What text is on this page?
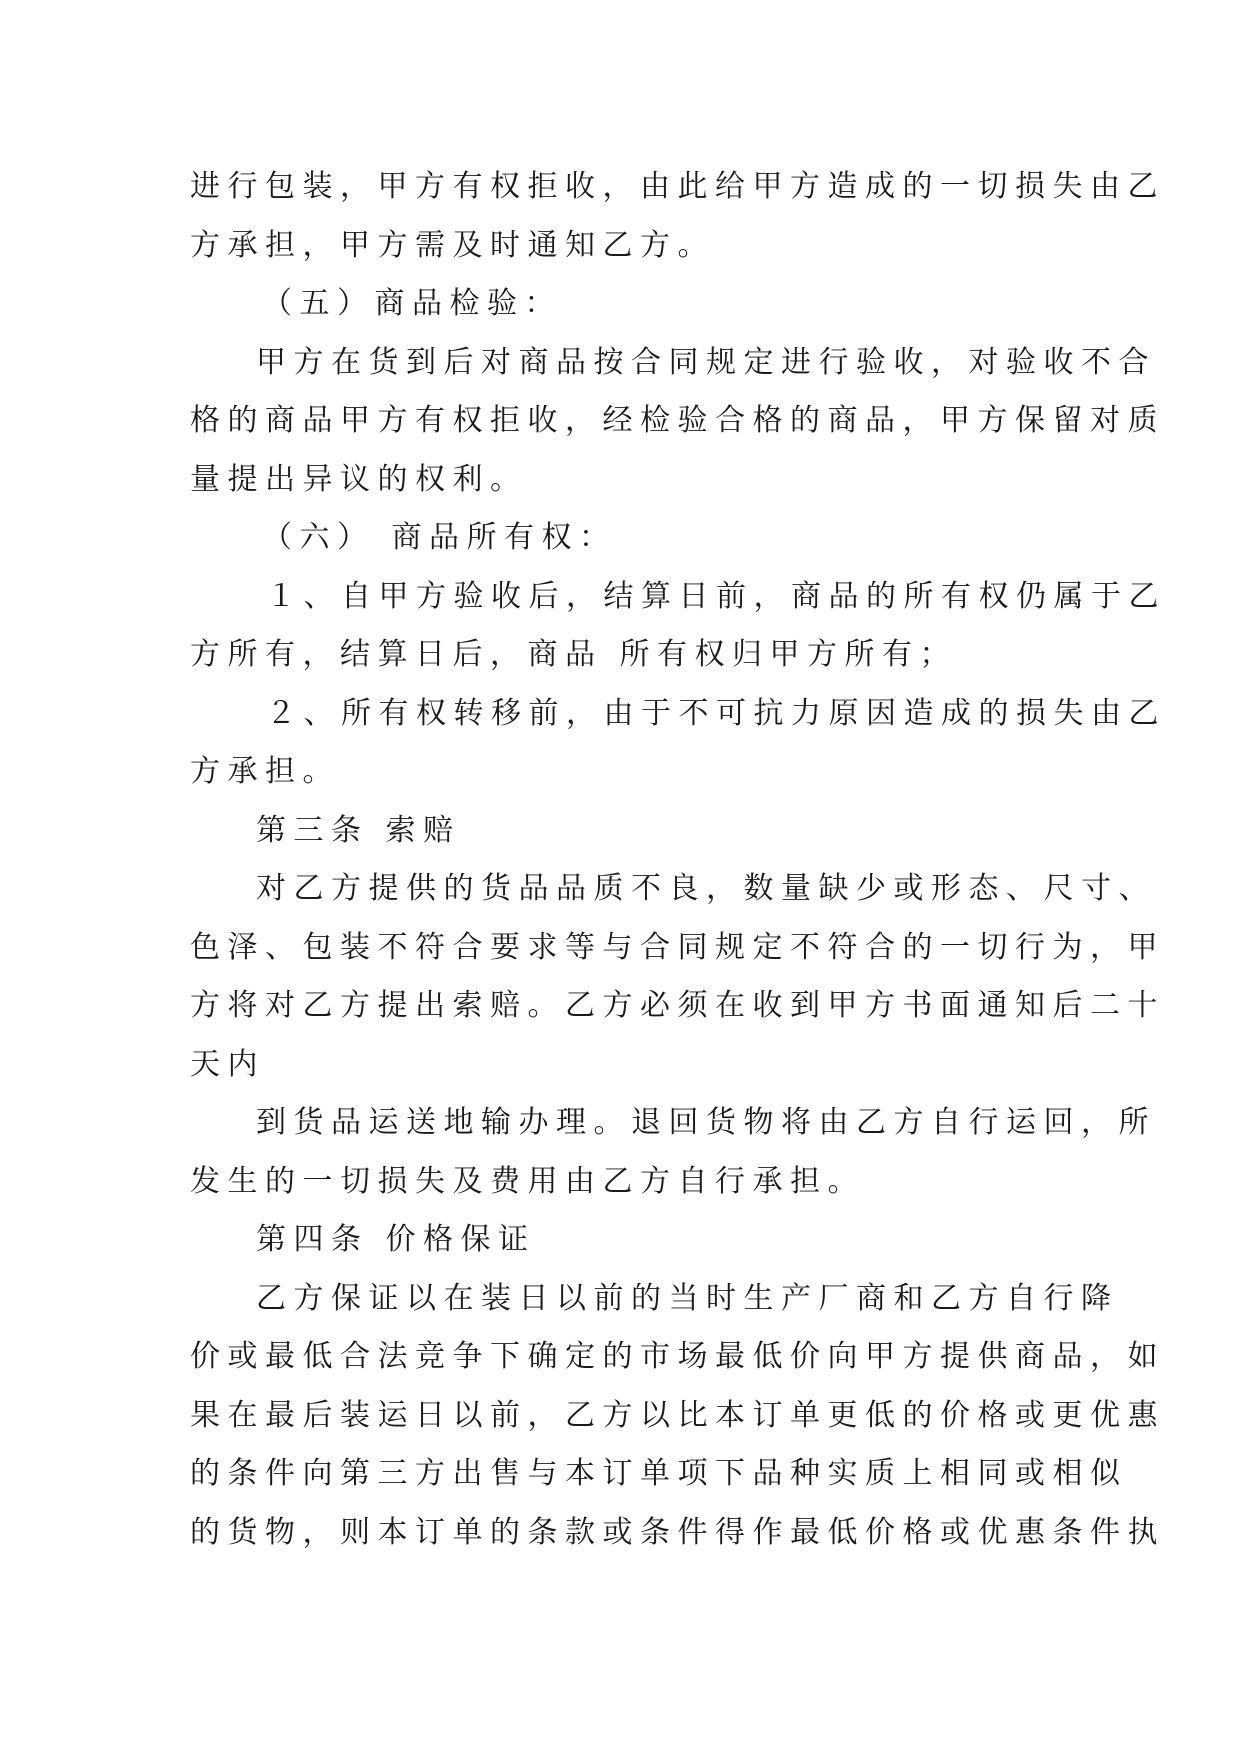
进行包装，甲方有权拒收，由此给甲方造成的一切损失由乙
方承担，甲方需及时通知乙方。
（五）商品检验：
甲方在货到后对商品按合同规定进行验收，对验收不合
格的商品甲方有权拒收，经检验合格的商品，甲方保留对质
量提出异议的权利。
（六） 商品所有权：
１、自甲方验收后，结算日前，商品的所有权仍属于乙
方所有，结算日后，商品 所有权归甲方所有；
２、所有权转移前，由于不可抗力原因造成的损失由乙
方承担。
第三条 索赔
对乙方提供的货品品质不良，数量缺少或形态、尺寸、
色泽、包装不符合要求等与合同规定不符合的一切行为，甲
方将对乙方提出索赔。乙方必须在收到甲方书面通知后二十
天内
到货品运送地输办理。退回货物将由乙方自行运回，所
发生的一切损失及费用由乙方自行承担。
第四条 价格保证
乙方保证以在装日以前的当时生产厂商和乙方自行降
价或最低合法竞争下确定的市场最低价向甲方提供商品，如
果在最后装运日以前，乙方以比本订单更低的价格或更优惠
的条件向第三方出售与本订单项下品种实质上相同或相似
的货物，则本订单的条款或条件得作最低价格或优惠条件执
